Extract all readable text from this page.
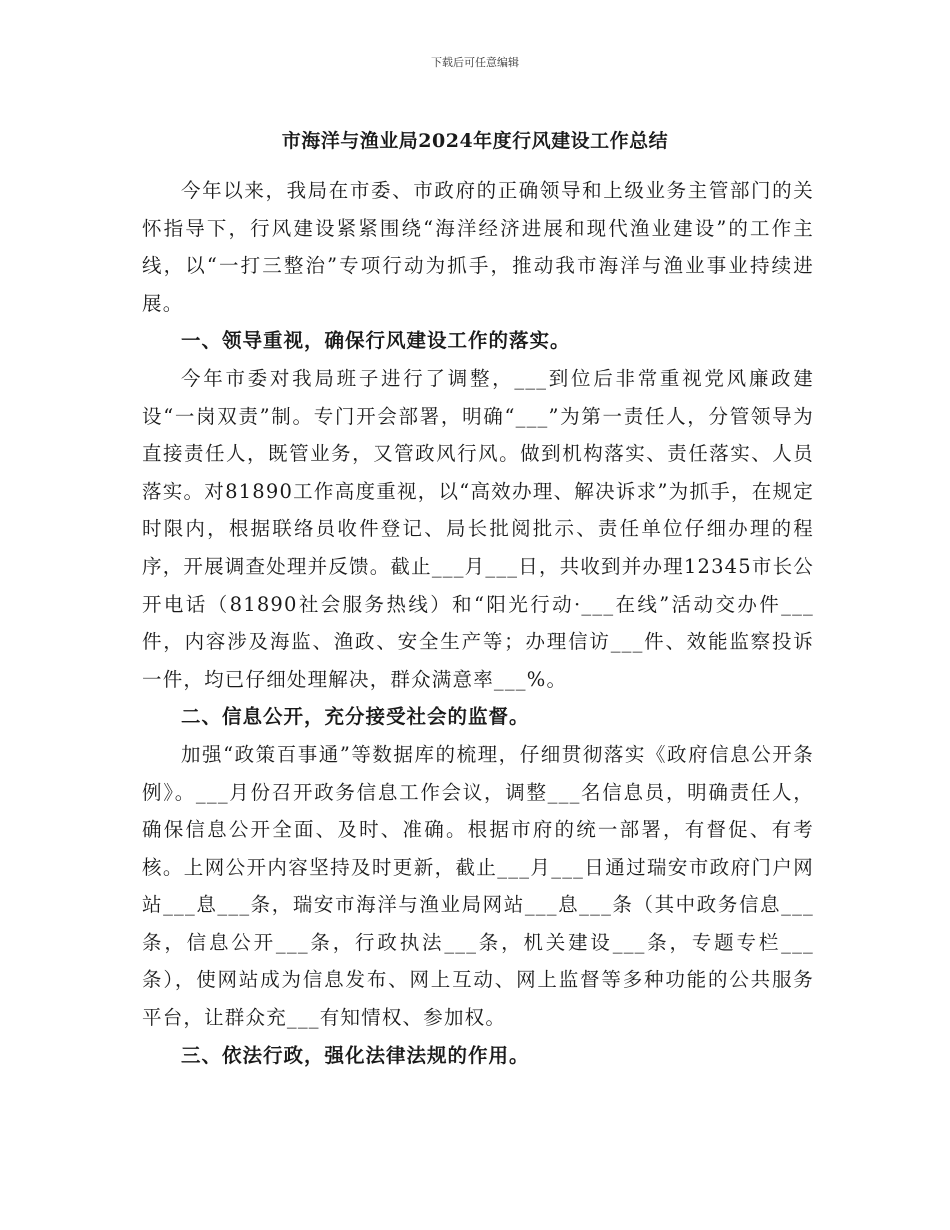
下载后可任意编辑
市海洋与渔业局2024年度行风建设工作总结

今年以来，我局在市委、市政府的正确领导和上级业务主管部门的关怀指导下，行风建设紧紧围绕“海洋经济进展和现代渔业建设”的工作主线，以“一打三整治”专项行动为抓手，推动我市海洋与渔业事业持续进展。

一、领导重视，确保行风建设工作的落实。

今年市委对我局班子进行了调整，___到位后非常重视党风廉政建设“一岗双责”制。专门开会部署，明确“___”为第一责任人，分管领导为直接责任人，既管业务，又管政风行风。做到机构落实、责任落实、人员落实。对81890工作高度重视，以“高效办理、解决诉求”为抓手，在规定时限内，根据联络员收件登记、局长批阅批示、责任单位仔细办理的程序，开展调查处理并反馈。截止___月___日，共收到并办理12345市长公开电话（81890社会服务热线）和“阳光行动·___在线”活动交办件___件，内容涉及海监、渔政、安全生产等；办理信访___件、效能监察投诉一件，均已仔细处理解决，群众满意率___%。

二、信息公开，充分接受社会的监督。

加强“政策百事通”等数据库的梳理，仔细贯彻落实《政府信息公开条例》。___月份召开政务信息工作会议，调整___名信息员，明确责任人，确保信息公开全面、及时、准确。根据市府的统一部署，有督促、有考核。上网公开内容坚持及时更新，截止___月___日通过瑞安市政府门户网站___息___条，瑞安市海洋与渔业局网站___息___条（其中政务信息___条，信息公开___条，行政执法___条，机关建设___条，专题专栏___条），使网站成为信息发布、网上互动、网上监督等多种功能的公共服务平台，让群众充___有知情权、参加权。

三、依法行政，强化法律法规的作用。
